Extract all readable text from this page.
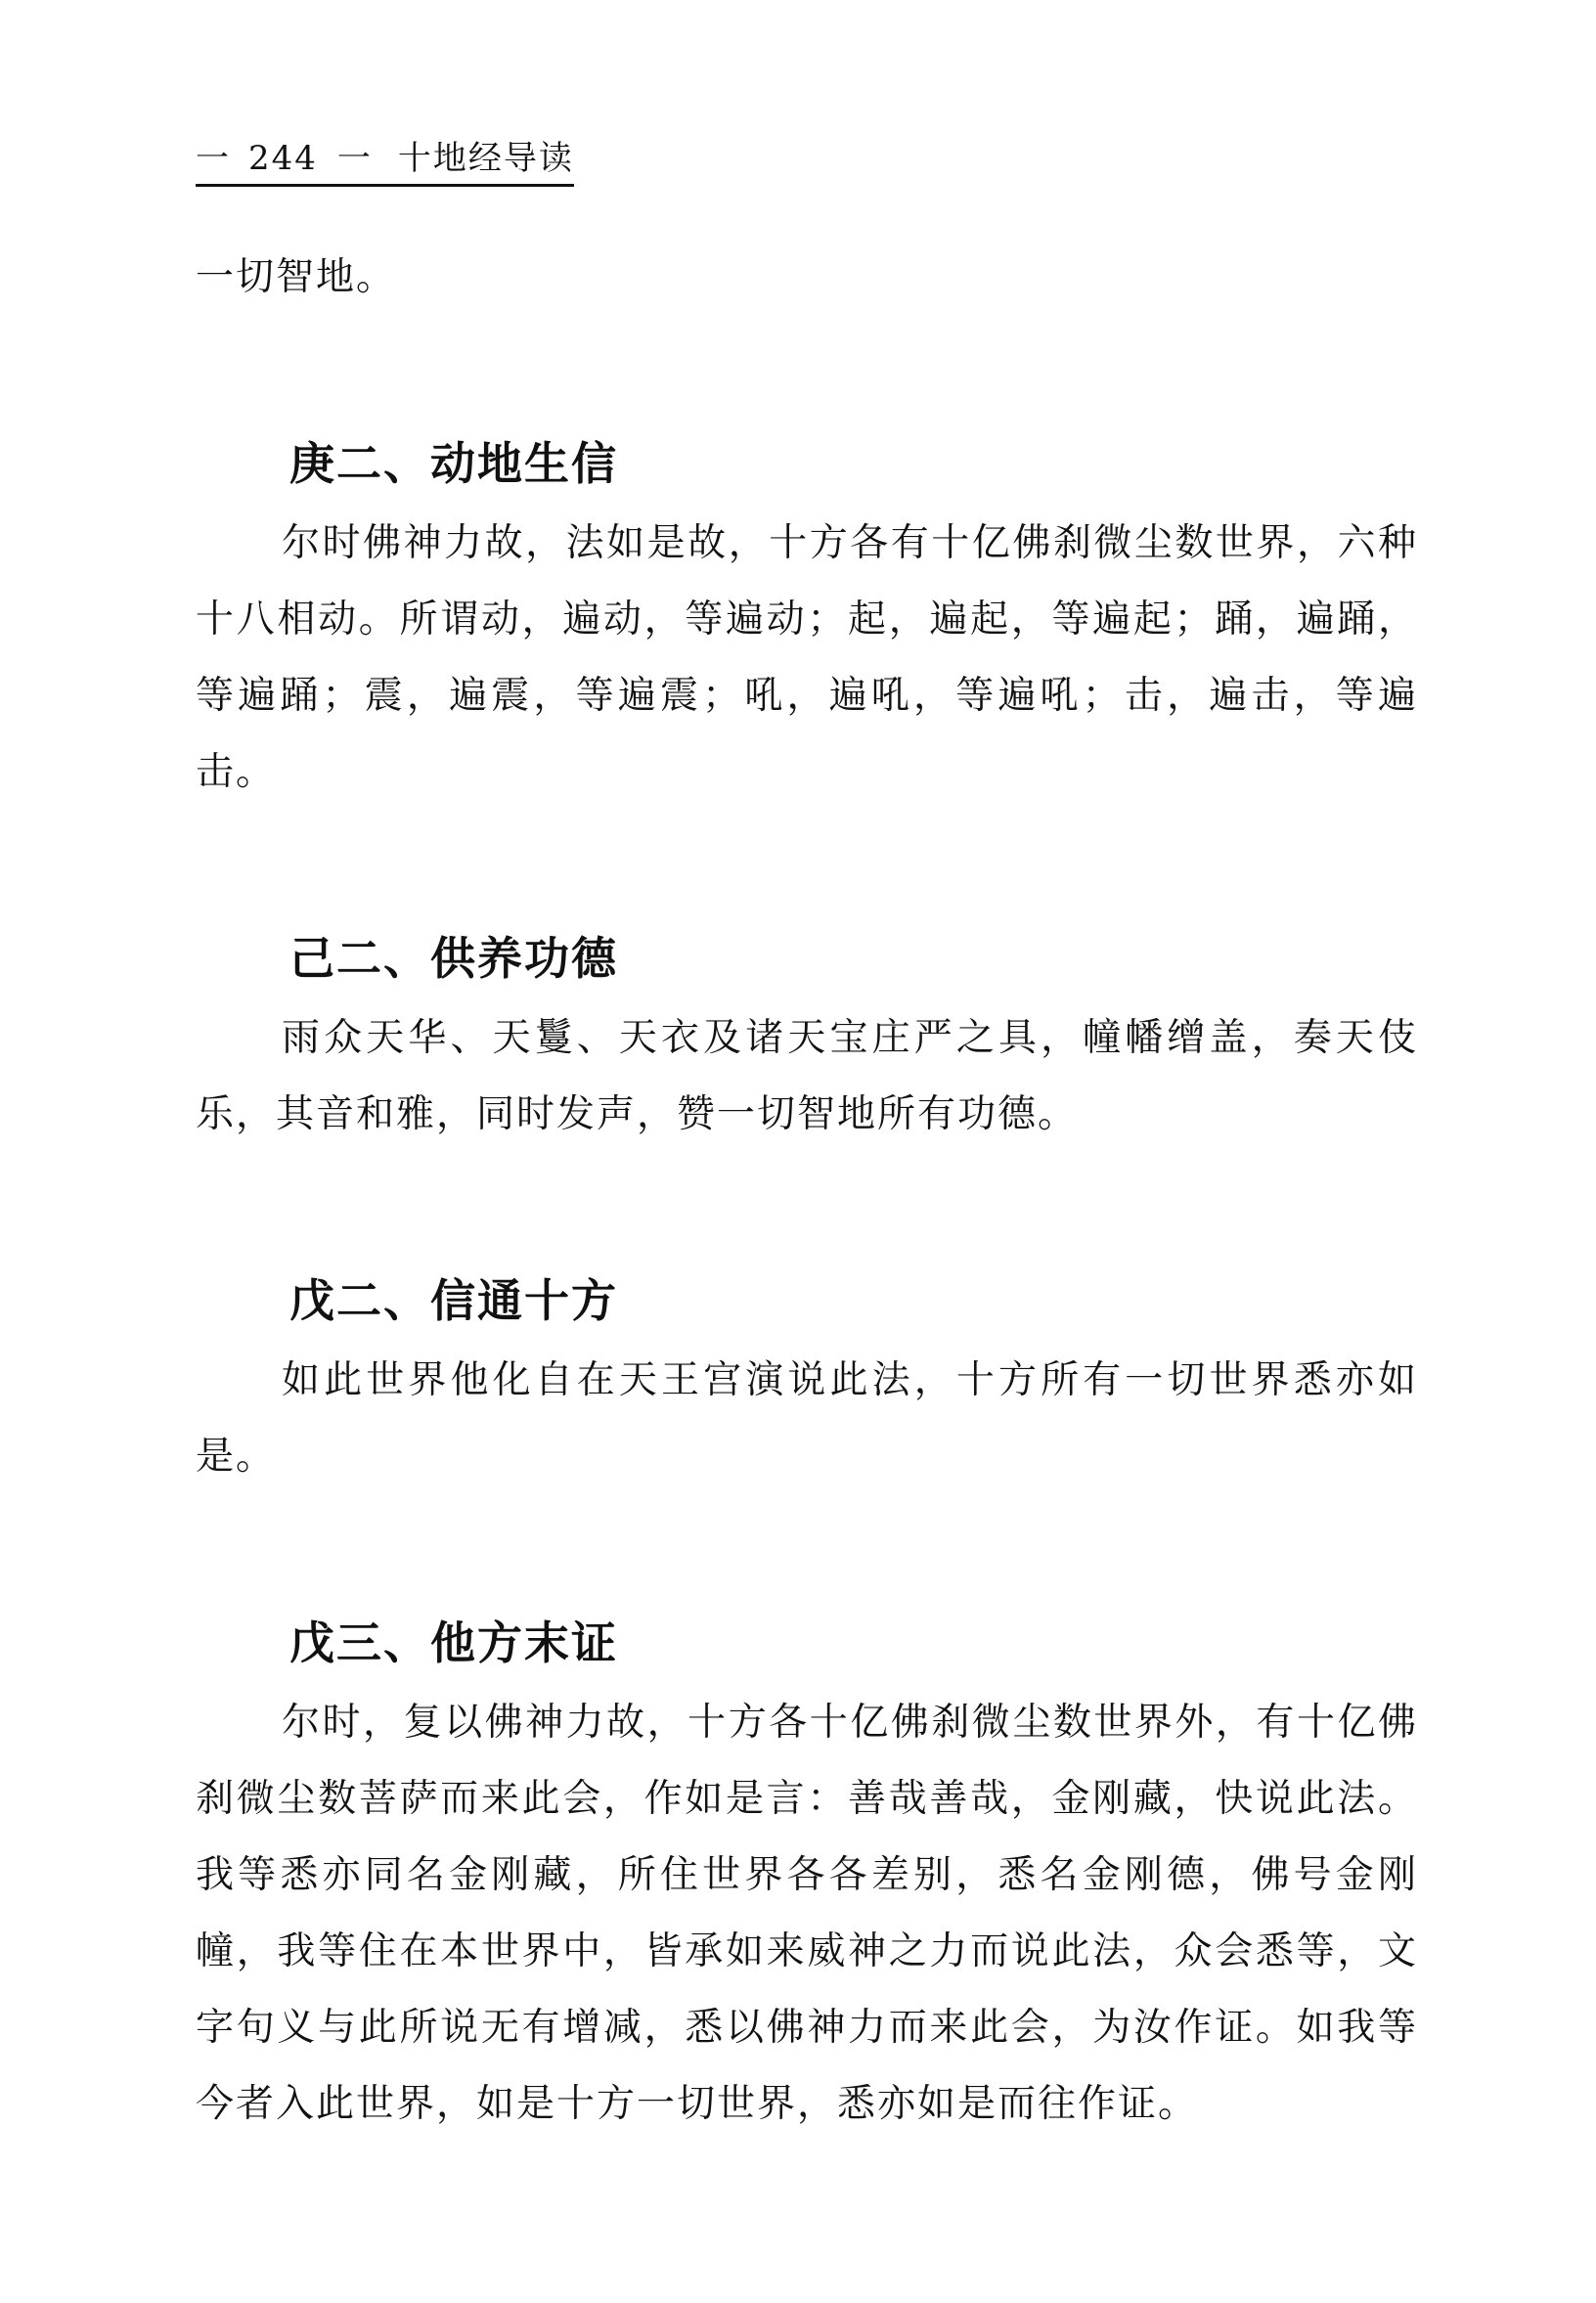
一 244 一 十地经导读

一切智地。

庚二、动地生信

尔时佛神力故，法如是故，十方各有十亿佛刹微尘数世界，六种十八相动。所谓动，遍动，等遍动；起，遍起，等遍起；踊，遍踊，等遍踊；震，遍震，等遍震；吼，遍吼，等遍吼；击，遍击，等遍击。

己二、供养功德

雨众天华、天鬘、天衣及诸天宝庄严之具，幢幡缯盖，奏天伎乐，其音和雅，同时发声，赞一切智地所有功德。

戊二、信通十方

如此世界他化自在天王宫演说此法，十方所有一切世界悉亦如是。

戊三、他方末证

尔时，复以佛神力故，十方各十亿佛刹微尘数世界外，有十亿佛刹微尘数菩萨而来此会，作如是言：善哉善哉，金刚藏，快说此法。我等悉亦同名金刚藏，所住世界各各差别，悉名金刚德，佛号金刚幢，我等住在本世界中，皆承如来威神之力而说此法，众会悉等，文字句义与此所说无有增减，悉以佛神力而来此会，为汝作证。如我等今者入此世界，如是十方一切世界，悉亦如是而往作证。
